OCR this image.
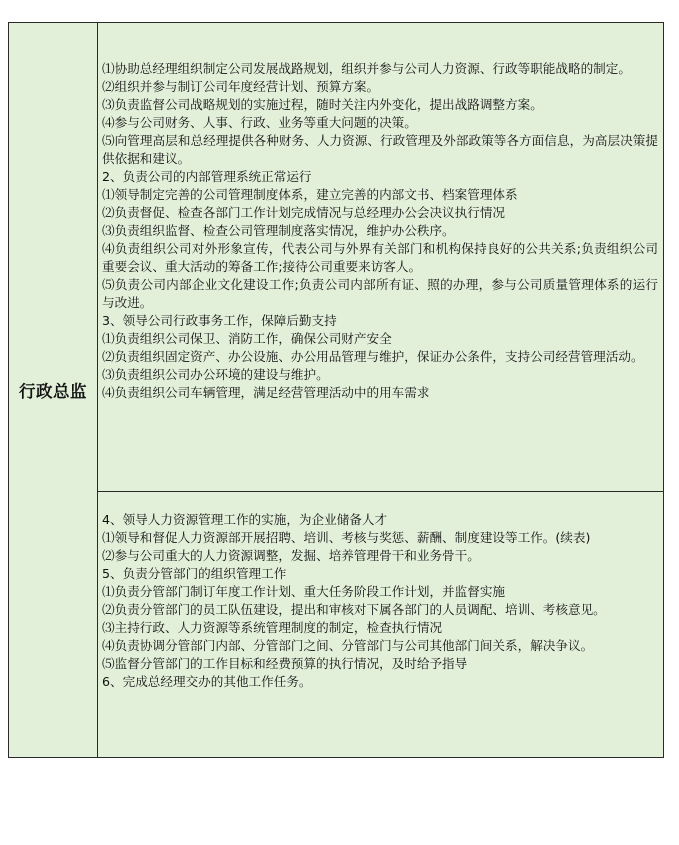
行政总监
⑴协助总经理组织制定公司发展战路规划，组织并参与公司人力资源、行政等职能战略的制定。
⑵组织并参与制订公司年度经营计划、预算方案。
⑶负责监督公司战略规划的实施过程，随时关注内外变化，提出战路调整方案。
⑷参与公司财务、人事、行政、业务等重大问题的决策。
⑸向管理高层和总经理提供各种财务、人力资源、行政管理及外部政策等各方面信息，为高层决策提供依据和建议。
2、负责公司的内部管理系统正常运行
⑴领导制定完善的公司管理制度体系，建立完善的内部文书、档案管理体系
⑵负责督促、检查各部门工作计划完成情况与总经理办公会决议执行情况
⑶负责组织监督、检查公司管理制度落实情况，维护办公秩序。
⑷负责组织公司对外形象宣传，代表公司与外界有关部门和机构保持良好的公共关系;负责组织公司重要会议、重大活动的筹备工作;接待公司重要来访客人。
⑸负责公司内部企业文化建设工作;负责公司内部所有证、照的办理，参与公司质量管理体系的运行与改进。
3、领导公司行政事务工作，保障后勤支持
⑴负责组织公司保卫、消防工作，确保公司财产安全
⑵负责组织固定资产、办公设施、办公用品管理与维护，保证办公条件，支持公司经营管理活动。
⑶负责组织公司办公环境的建设与维护。
⑷负责组织公司车辆管理，满足经营管理活动中的用车需求
4、领导人力资源管理工作的实施，为企业储备人才
⑴领导和督促人力资源部开展招聘、培训、考核与奖惩、薪酬、制度建设等工作。(续表)
⑵参与公司重大的人力资源调整，发掘、培养管理骨干和业务骨干。
5、负责分管部门的组织管理工作
⑴负责分管部门制订年度工作计划、重大任务阶段工作计划，并监督实施
⑵负责分管部门的员工队伍建设，提出和审核对下属各部门的人员调配、培训、考核意见。
⑶主持行政、人力资源等系统管理制度的制定，检查执行情况
⑷负责协调分管部门内部、分管部门之间、分管部门与公司其他部门间关系，解决争议。
⑸监督分管部门的工作目标和经费预算的执行情况，及时给予指导
6、完成总经理交办的其他工作任务。
